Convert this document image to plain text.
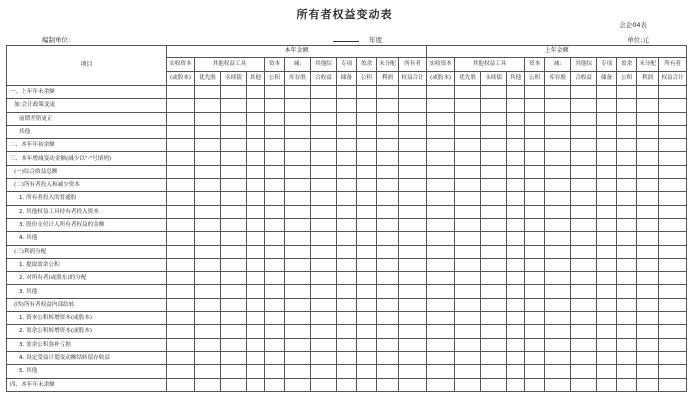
所有者权益变动表
会企04表
编制单位:	年度	单位:元
项目	本年金额											上年金额										
	实收资本	其他权益工具			资本	减:	其他综	专项	盈余	未分配	所有者	实收资本	其他权益工具			资本	减:	其他综	专项	盈余	未分配	所有者
	(或股本)	优先股	永续债	其他	公积	库存股	合收益	储备	公积	利润	权益合计	(或股本)	优先股	永续债	其他	公积	库存股	合收益	储备	公积	利润	权益合计
一、上年年末余额																						
加:会计政策变更																						
前期差错更正																						
其他																						
二、本年年初余额																						
三、本年增减变动金额(减少以"-"号填列)																						
(一)综合收益总额																						
(二)所有者投入和减少资本																						
1. 所有者投入的普通股																						
2. 其他权益工具持有者投入资本																						
3. 股份支付计入所有者权益的金额																						
4. 其他																						
(三)利润分配																						
1. 提取盈余公积																						
2. 对所有者(或股东)的分配																						
3. 其他																						
(四)所有者权益内部结转																						
1. 资本公积转增资本(或股本)																						
2. 盈余公积转增资本(或股本)																						
3. 盈余公积弥补亏损																						
4. 设定受益计划变动额结转留存收益																						
5. 其他																						
四、本年年末余额																						
